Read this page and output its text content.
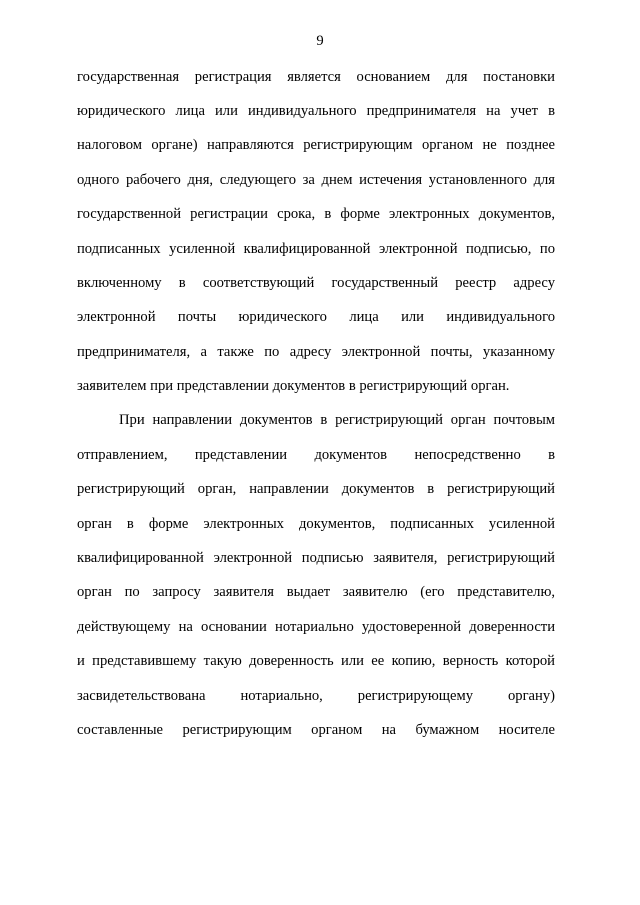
9
государственная регистрация является основанием для постановки
юридического лица или индивидуального предпринимателя на учет в
налоговом органе) направляются регистрирующим органом не позднее
одного рабочего дня, следующего за днем истечения установленного для
государственной регистрации срока, в форме электронных документов,
подписанных усиленной квалифицированной электронной подписью, по
включенному в соответствующий государственный реестр адресу
электронной почты юридического лица или индивидуального
предпринимателя, а также по адресу электронной почты, указанному
заявителем при представлении документов в регистрирующий орган.
При направлении документов в регистрирующий орган почтовым
отправлением, представлении документов непосредственно в
регистрирующий орган, направлении документов в регистрирующий
орган в форме электронных документов, подписанных усиленной
квалифицированной электронной подписью заявителя, регистрирующий
орган по запросу заявителя выдает заявителю (его представителю,
действующему на основании нотариально удостоверенной доверенности
и представившему такую доверенность или ее копию, верность которой
засвидетельствована нотариально, регистрирующему органу)
составленные регистрирующим органом на бумажном носителе
